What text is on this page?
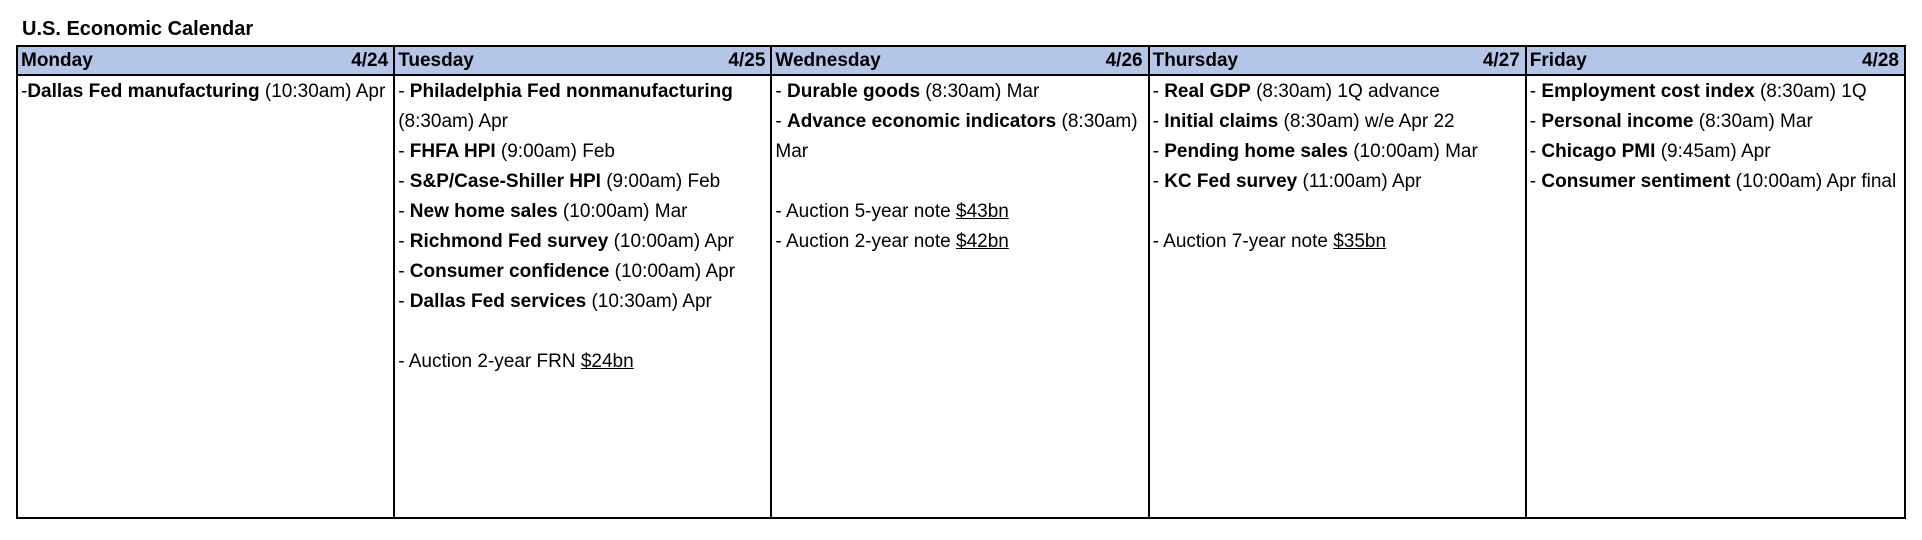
U.S. Economic Calendar
Monday	4/24
-Dallas Fed manufacturing (10:30am) Apr
Tuesday	4/25
- Philadelphia Fed nonmanufacturing (8:30am) Apr
- FHFA HPI (9:00am) Feb
- S&P/Case-Shiller HPI (9:00am) Feb
- New home sales (10:00am) Mar
- Richmond Fed survey (10:00am) Apr
- Consumer confidence (10:00am) Apr
- Dallas Fed services (10:30am) Apr
- Auction 2-year FRN $24bn
Wednesday	4/26
- Durable goods (8:30am) Mar
- Advance economic indicators (8:30am) Mar
- Auction 5-year note $43bn
- Auction 2-year note $42bn
Thursday	4/27
- Real GDP (8:30am) 1Q advance
- Initial claims (8:30am) w/e Apr 22
- Pending home sales (10:00am) Mar
- KC Fed survey (11:00am) Apr
- Auction 7-year note $35bn
Friday	4/28
- Employment cost index (8:30am) 1Q
- Personal income (8:30am) Mar
- Chicago PMI (9:45am) Apr
- Consumer sentiment (10:00am) Apr final
